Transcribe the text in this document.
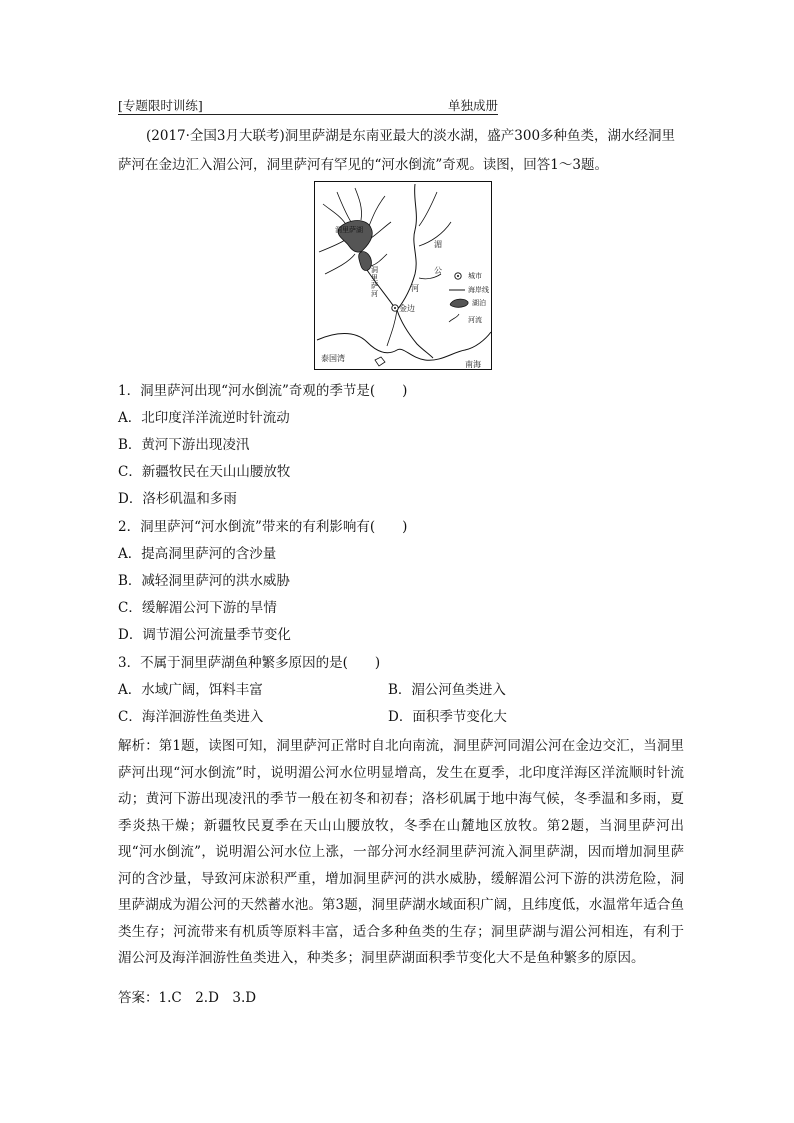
[专题限时训练]	单独成册
(2017·全国3月大联考)洞里萨湖是东南亚最大的淡水湖，盛产300多种鱼类，湖水经洞里萨河在金边汇入湄公河，洞里萨河有罕见的“河水倒流”奇观。读图，回答1～3题。
洞里萨湖
洞里萨河
湄
公
河
金边
泰国湾
南海
城市
海岸线
湖泊
河流
1．洞里萨河出现“河水倒流”奇观的季节是(　　)
A．北印度洋洋流逆时针流动
B．黄河下游出现凌汛
C．新疆牧民在天山山腰放牧
D．洛杉矶温和多雨
2．洞里萨河“河水倒流”带来的有利影响有(　　)
A．提高洞里萨河的含沙量
B．减轻洞里萨河的洪水威胁
C．缓解湄公河下游的旱情
D．调节湄公河流量季节变化
3．不属于洞里萨湖鱼种繁多原因的是(　　)
A．水域广阔，饵料丰富	B．湄公河鱼类进入
C．海洋洄游性鱼类进入	D．面积季节变化大
解析：第1题，读图可知，洞里萨河正常时自北向南流，洞里萨河同湄公河在金边交汇，当洞里萨河出现“河水倒流”时，说明湄公河水位明显增高，发生在夏季，北印度洋海区洋流顺时针流动；黄河下游出现凌汛的季节一般在初冬和初春；洛杉矶属于地中海气候，冬季温和多雨，夏季炎热干燥；新疆牧民夏季在天山山腰放牧，冬季在山麓地区放牧。第2题，当洞里萨河出现“河水倒流”，说明湄公河水位上涨，一部分河水经洞里萨河流入洞里萨湖，因而增加洞里萨河的含沙量，导致河床淤积严重，增加洞里萨河的洪水威胁，缓解湄公河下游的洪涝危险，洞里萨湖成为湄公河的天然蓄水池。第3题，洞里萨湖水域面积广阔，且纬度低，水温常年适合鱼类生存；河流带来有机质等原料丰富，适合多种鱼类的生存；洞里萨湖与湄公河相连，有利于湄公河及海洋洄游性鱼类进入，种类多；洞里萨湖面积季节变化大不是鱼种繁多的原因。
答案：1.C　2.D　3.D
